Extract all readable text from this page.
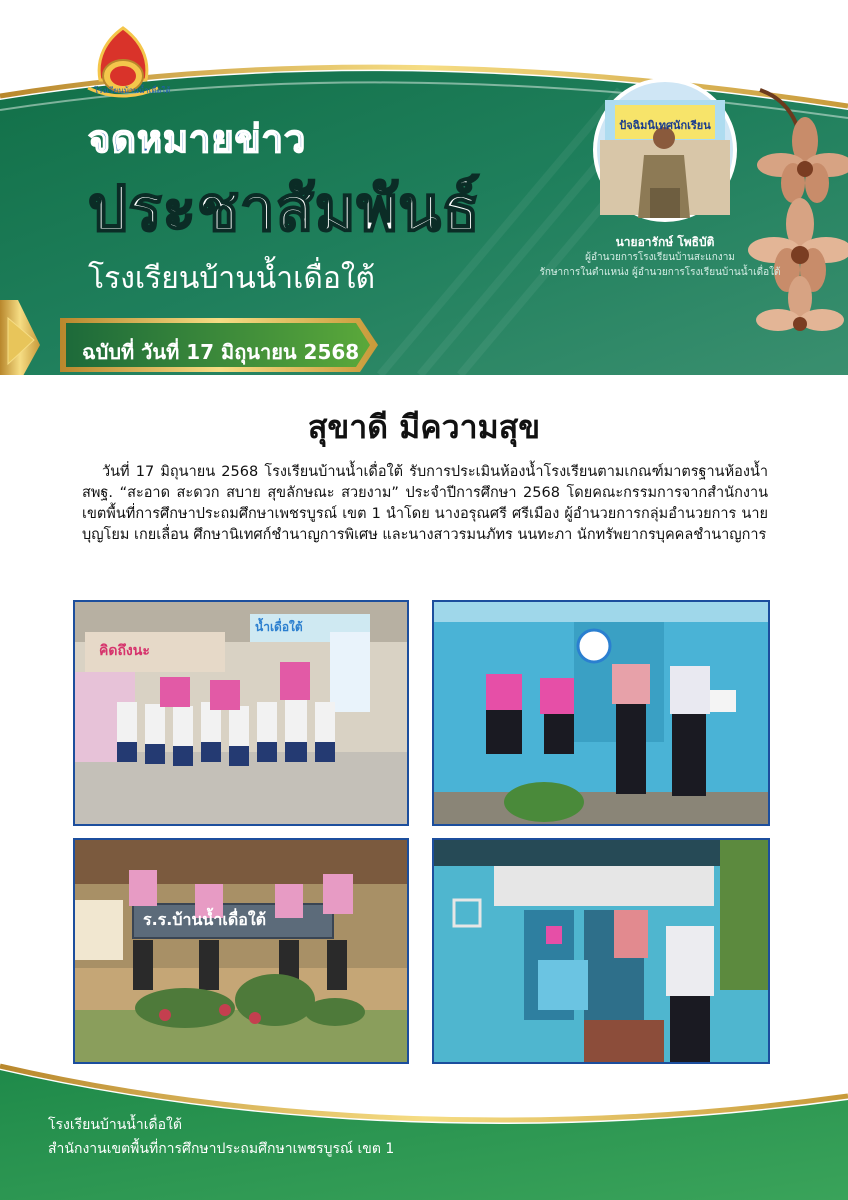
โรงเรียนบ้านน้ำเดื่อใต้
จดหมายข่าว
ประชาสัมพันธ์
โรงเรียนบ้านน้ำเดื่อใต้
ฉบับที่ วันที่ 17 มิถุนายน 2568
ปัจฉิมนิเทศนักเรียน
นายอารักษ์ โพธิบัติ
ผู้อำนวยการโรงเรียนบ้านสะแกงาม
รักษาการในตำแหน่ง ผู้อำนวยการโรงเรียนบ้านน้ำเดื่อใต้
สุขาดี มีความสุข
วันที่ 17 มิถุนายน 2568 โรงเรียนบ้านน้ำเดื่อใต้ รับการประเมินห้องน้ำโรงเรียนตามเกณฑ์มาตรฐานห้องน้ำ สพฐ. “สะอาด สะดวก สบาย สุขลักษณะ สวยงาม” ประจำปีการศึกษา 2568 โดยคณะกรรมการจากสำนักงานเขตพื้นที่การศึกษาประถมศึกษาเพชรบูรณ์ เขต 1 นำโดย นางอรุณศรี ศรีเมือง ผู้อำนวยการกลุ่มอำนวยการ นายบุญโยม เกยเลื่อน ศึกษานิเทศก์ชำนาญการพิเศษ และนางสาวรมนภัทร นนทะภา นักทรัพยากรบุคคลชำนาญการ
คิดถึงนะ
น้ำเดื่อใต้
ร.ร.บ้านน้ำเดื่อใต้
โรงเรียนบ้านน้ำเดื่อใต้
สำนักงานเขตพื้นที่การศึกษาประถมศึกษาเพชรบูรณ์ เขต 1
